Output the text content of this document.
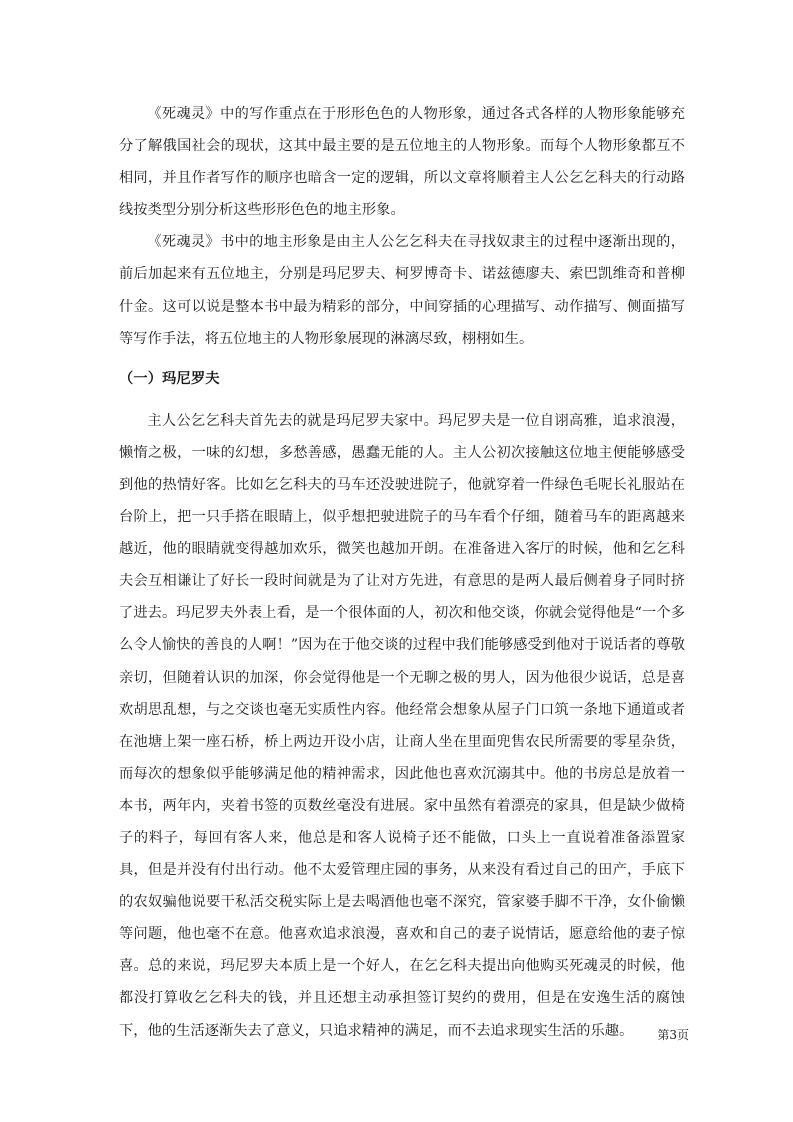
《死魂灵》中的写作重点在于形形色色的人物形象，通过各式各样的人物形象能够充分了解俄国社会的现状，这其中最主要的是五位地主的人物形象。而每个人物形象都互不相同，并且作者写作的顺序也暗含一定的逻辑，所以文章将顺着主人公乞乞科夫的行动路线按类型分别分析这些形形色色的地主形象。

《死魂灵》书中的地主形象是由主人公乞乞科夫在寻找奴隶主的过程中逐渐出现的，前后加起来有五位地主，分别是玛尼罗夫、柯罗博奇卡、诺兹德廖夫、索巴凯维奇和普柳什金。这可以说是整本书中最为精彩的部分，中间穿插的心理描写、动作描写、侧面描写等写作手法，将五位地主的人物形象展现的淋漓尽致，栩栩如生。

（一）玛尼罗夫

主人公乞乞科夫首先去的就是玛尼罗夫家中。玛尼罗夫是一位自诩高雅，追求浪漫，懒惰之极，一味的幻想，多愁善感，愚蠢无能的人。主人公初次接触这位地主便能够感受到他的热情好客。比如乞乞科夫的马车还没驶进院子，他就穿着一件绿色毛呢长礼服站在台阶上，把一只手搭在眼睛上，似乎想把驶进院子的马车看个仔细，随着马车的距离越来越近，他的眼睛就变得越加欢乐，微笑也越加开朗。在准备进入客厅的时候，他和乞乞科夫会互相谦让了好长一段时间就是为了让对方先进，有意思的是两人最后侧着身子同时挤了进去。玛尼罗夫外表上看，是一个很体面的人，初次和他交谈，你就会觉得他是“一个多么令人愉快的善良的人啊！”因为在于他交谈的过程中我们能够感受到他对于说话者的尊敬亲切，但随着认识的加深，你会觉得他是一个无聊之极的男人，因为他很少说话，总是喜欢胡思乱想，与之交谈也毫无实质性内容。他经常会想象从屋子门口筑一条地下通道或者在池塘上架一座石桥，桥上两边开设小店，让商人坐在里面兜售农民所需要的零星杂货，而每次的想象似乎能够满足他的精神需求，因此他也喜欢沉溺其中。他的书房总是放着一本书，两年内，夹着书签的页数丝毫没有进展。家中虽然有着漂亮的家具，但是缺少做椅子的料子，每回有客人来，他总是和客人说椅子还不能做，口头上一直说着准备添置家具，但是并没有付出行动。他不太爱管理庄园的事务，从来没有看过自己的田产，手底下的农奴骗他说要干私活交税实际上是去喝酒他也毫不深究，管家婆手脚不干净，女仆偷懒等问题，他也毫不在意。他喜欢追求浪漫，喜欢和自己的妻子说情话，愿意给他的妻子惊喜。总的来说，玛尼罗夫本质上是一个好人，在乞乞科夫提出向他购买死魂灵的时候，他都没打算收乞乞科夫的钱，并且还想主动承担签订契约的费用，但是在安逸生活的腐蚀下，他的生活逐渐失去了意义，只追求精神的满足，而不去追求现实生活的乐趣。	第3页
